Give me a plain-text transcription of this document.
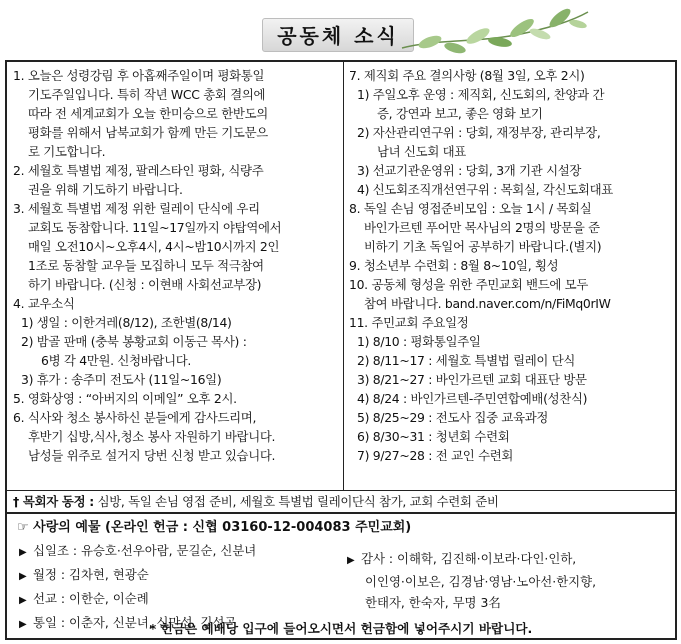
공동체 소식
1. 오늘은 성령강림 후 아홉째주일이며 평화통일
기도주일입니다. 특히 작년 WCC 총회 결의에
따라 전 세계교회가 오늘 한미승으로 한반도의
평화를 위해서 남북교회가 함께 만든 기도문으
로 기도합니다.
2. 세월호 특별법 제정, 팔레스타인 평화, 식량주
권을 위해 기도하기 바랍니다.
3. 세월호 특별법 제정 위한 릴레이 단식에 우리
교회도 동참합니다. 11일~17일까지 야탑역에서
매일 오전10시~오후4시, 4시~밤10시까지 2인
1조로 동참할 교우들 모집하니 모두 적극참여
하기 바랍니다. (신청 : 이현배 사회선교부장)
4. 교우소식
1) 생일 : 이한겨레(8/12), 조한별(8/14)
2) 밤골 판매 (충북 봉황교회 이동근 목사) :
6병 각 4만원. 신청바랍니다.
3) 휴가 : 송주미 전도사 (11일~16일)
5. 영화상영 : “아버지의 이메일” 오후 2시.
6. 식사와 청소 봉사하신 분들에게 감사드리며,
후반기 십방,식사,청소 봉사 자원하기 바랍니다.
남성들 위주로 설거지 당번 신청 받고 있습니다.
7. 제직회 주요 결의사항 (8월 3일, 오후 2시)
1) 주일오후 운영 : 제직회, 신도회의, 찬양과 간
증, 강연과 보고, 좋은 영화 보기
2) 자산관리연구위 : 당회, 재정부장, 관리부장,
남녀 신도회 대표
3) 선교기관운영위 : 당회, 3개 기관 시설장
4) 신도회조직개선연구위 : 목회실, 각신도회대표
8. 독일 손님 영접준비모임 : 오늘 1시 / 목회실
바인가르텐 푸어만 목사님의 2명의 방문을 준
비하기 기초 독일어 공부하기 바랍니다.(별지)
9. 청소년부 수련회 : 8월 8~10일, 횡성
10. 공동체 형성을 위한 주민교회 밴드에 모두
참여 바랍니다. band.naver.com/n/FiMq0rIW
11. 주민교회 주요일정
1) 8/10 : 평화통일주일
2) 8/11~17 : 세월호 특별법 릴레이 단식
3) 8/21~27 : 바인가르텐 교회 대표단 방문
4) 8/24 : 바인가르텐-주민연합예배(성찬식)
5) 8/25~29 : 전도사 집중 교육과정
6) 8/30~31 : 청년회 수련회
7) 9/27~28 : 전 교인 수련회
† 목회자 동정 : 심방, 독일 손님 영접 준비, 세월호 특별법 릴레이단식 참가, 교회 수련회 준비
☞ 사랑의 예물 (온라인 헌금 : 신협 03160-12-004083 주민교회)
▶ 십일조 : 유승호·선우아람, 문길순, 신분녀
▶ 월정 : 김차현, 현광순
▶ 선교 : 이한순, 이순례
▶ 통일 : 이춘자, 신분녀, 신만섭, 김성곤
▶ 감사 : 이해학, 김진해·이보라·다인·인하,
이인영·이보은, 김경남·영남·노아선·한지향,
한태자, 한숙자, 무명 3名
* 헌금은 예배당 입구에 들어오시면서 헌금함에 넣어주시기 바랍니다.
